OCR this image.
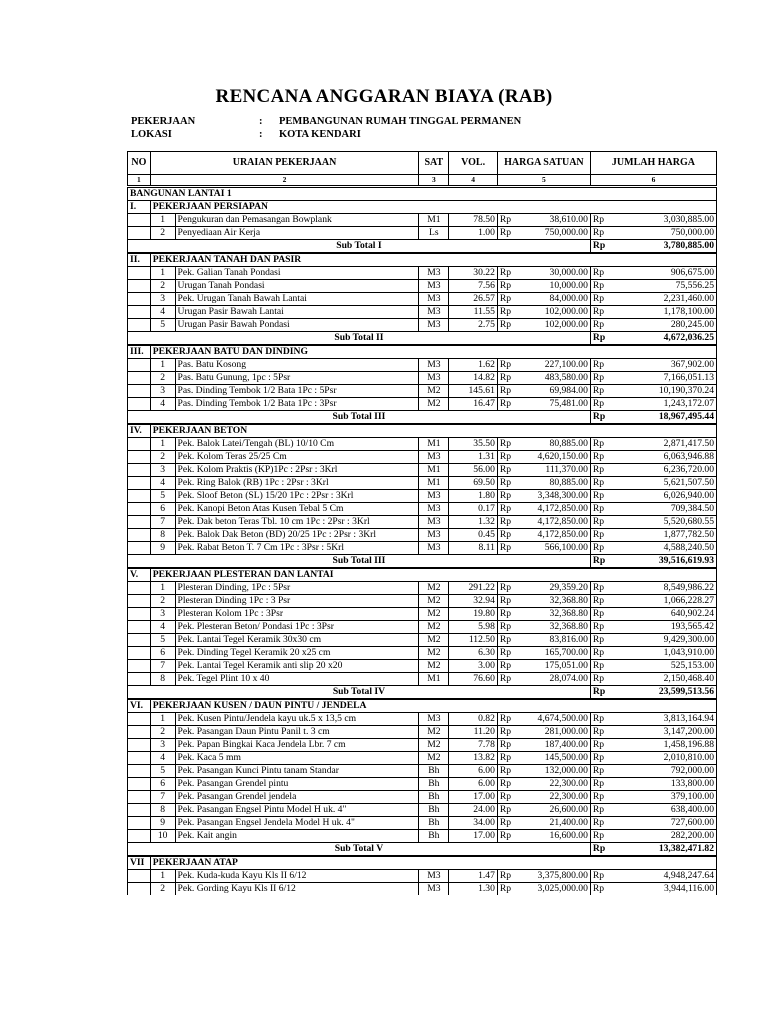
RENCANA ANGGARAN BIAYA (RAB)
PEKERJAAN	: PEMBANGUNAN RUMAH TINGGAL PERMANEN
LOKASI	: KOTA KENDARI
NO	URAIAN PEKERJAAN		SAT	VOL.	HARGA SATUAN		JUMLAH HARGA	
1	2		3	4	5		6	
BANGUNAN LANTAI 1								
I.	PEKERJAAN PERSIAPAN							
	1	Pengukuran dan Pemasangan Bowplank	M1	78.50	Rp	38,610.00	Rp	3,030,885.00
	2	Penyediaan Air Kerja	Ls	1.00	Rp	750,000.00	Rp	750,000.00
Sub Total I							Rp	3,780,885.00
II.	PEKERJAAN TANAH DAN PASIR							
	1	Pek. Galian Tanah Pondasi	M3	30.22	Rp	30,000.00	Rp	906,675.00
	2	Urugan Tanah Pondasi	M3	7.56	Rp	10,000.00	Rp	75,556.25
	3	Pek. Urugan Tanah Bawah Lantai	M3	26.57	Rp	84,000.00	Rp	2,231,460.00
	4	Urugan Pasir Bawah Lantai	M3	11.55	Rp	102,000.00	Rp	1,178,100.00
	5	Urugan Pasir Bawah Pondasi	M3	2.75	Rp	102,000.00	Rp	280,245.00
Sub Total II							Rp	4,672,036.25
III.	PEKERJAAN BATU DAN DINDING							
	1	Pas. Batu Kosong	M3	1.62	Rp	227,100.00	Rp	367,902.00
	2	Pas. Batu Gunung, 1pc : 5Psr	M3	14.82	Rp	483,580.00	Rp	7,166,051.13
	3	Pas. Dinding Tembok 1/2 Bata 1Pc : 5Psr	M2	145.61	Rp	69,984.00	Rp	10,190,370.24
	4	Pas. Dinding Tembok 1/2 Bata 1Pc : 3Psr	M2	16.47	Rp	75,481.00	Rp	1,243,172.07
Sub Total III							Rp	18,967,495.44
IV.	PEKERJAAN BETON							
	1	Pek. Balok Latei/Tengah (BL) 10/10 Cm	M1	35.50	Rp	80,885.00	Rp	2,871,417.50
	2	Pek. Kolom Teras 25/25 Cm	M3	1.31	Rp	4,620,150.00	Rp	6,063,946.88
	3	Pek. Kolom Praktis (KP)1Pc : 2Psr : 3Krl	M1	56.00	Rp	111,370.00	Rp	6,236,720.00
	4	Pek. Ring Balok (RB) 1Pc : 2Psr : 3Krl	M1	69.50	Rp	80,885.00	Rp	5,621,507.50
	5	Pek. Sloof Beton (SL) 15/20 1Pc : 2Psr : 3Krl	M3	1.80	Rp	3,348,300.00	Rp	6,026,940.00
	6	Pek. Kanopi Beton Atas Kusen Tebal 5 Cm	M3	0.17	Rp	4,172,850.00	Rp	709,384.50
	7	Pek. Dak beton Teras Tbl. 10 cm 1Pc : 2Psr : 3Krl	M3	1.32	Rp	4,172,850.00	Rp	5,520,680.55
	8	Pek. Balok Dak Beton (BD) 20/25 1Pc : 2Psr : 3Krl	M3	0.45	Rp	4,172,850.00	Rp	1,877,782.50
	9	Pek. Rabat Beton T. 7 Cm 1Pc : 3Psr : 5Krl	M3	8.11	Rp	566,100.00	Rp	4,588,240.50
Sub Total III							Rp	39,516,619.93
V.	PEKERJAAN PLESTERAN DAN LANTAI							
	1	Plesteran Dinding, 1Pc : 5Psr	M2	291.22	Rp	29,359.20	Rp	8,549,986.22
	2	Plesteran Dinding 1Pc : 3 Psr	M2	32.94	Rp	32,368.80	Rp	1,066,228.27
	3	Plesteran Kolom 1Pc : 3Psr	M2	19.80	Rp	32,368.80	Rp	640,902.24
	4	Pek. Plesteran Beton/ Pondasi 1Pc : 3Psr	M2	5.98	Rp	32,368.80	Rp	193,565.42
	5	Pek. Lantai Tegel Keramik 30x30 cm	M2	112.50	Rp	83,816.00	Rp	9,429,300.00
	6	Pek. Dinding Tegel Keramik 20 x25 cm	M2	6.30	Rp	165,700.00	Rp	1,043,910.00
	7	Pek. Lantai Tegel Keramik anti slip 20 x20	M2	3.00	Rp	175,051.00	Rp	525,153.00
	8	Pek. Tegel Plint 10 x 40	M1	76.60	Rp	28,074.00	Rp	2,150,468.40
Sub Total IV							Rp	23,599,513.56
VI.	PEKERJAAN KUSEN / DAUN PINTU / JENDELA							
	1	Pek. Kusen Pintu/Jendela kayu uk.5 x 13,5 cm	M3	0.82	Rp	4,674,500.00	Rp	3,813,164.94
	2	Pek. Pasangan Daun Pintu Panil t. 3 cm	M2	11.20	Rp	281,000.00	Rp	3,147,200.00
	3	Pek. Papan Bingkai Kaca Jendela Lbr. 7 cm	M2	7.78	Rp	187,400.00	Rp	1,458,196.88
	4	Pek. Kaca 5 mm	M2	13.82	Rp	145,500.00	Rp	2,010,810.00
	5	Pek. Pasangan Kunci Pintu tanam Standar	Bh	6.00	Rp	132,000.00	Rp	792,000.00
	6	Pek. Pasangan Grendel pintu	Bh	6.00	Rp	22,300.00	Rp	133,800.00
	7	Pek. Pasangan Grendel jendela	Bh	17.00	Rp	22,300.00	Rp	379,100.00
	8	Pek. Pasangan Engsel Pintu Model H uk. 4"	Bh	24.00	Rp	26,600.00	Rp	638,400.00
	9	Pek. Pasangan Engsel Jendela Model H uk. 4"	Bh	34.00	Rp	21,400.00	Rp	727,600.00
	10	Pek. Kait angin	Bh	17.00	Rp	16,600.00	Rp	282,200.00
Sub Total V							Rp	13,382,471.82
VII	PEKERJAAN ATAP							
	1	Pek. Kuda-kuda Kayu Kls II 6/12	M3	1.47	Rp	3,375,800.00	Rp	4,948,247.64
	2	Pek. Gording Kayu Kls II 6/12	M3	1.30	Rp	3,025,000.00	Rp	3,944,116.00
